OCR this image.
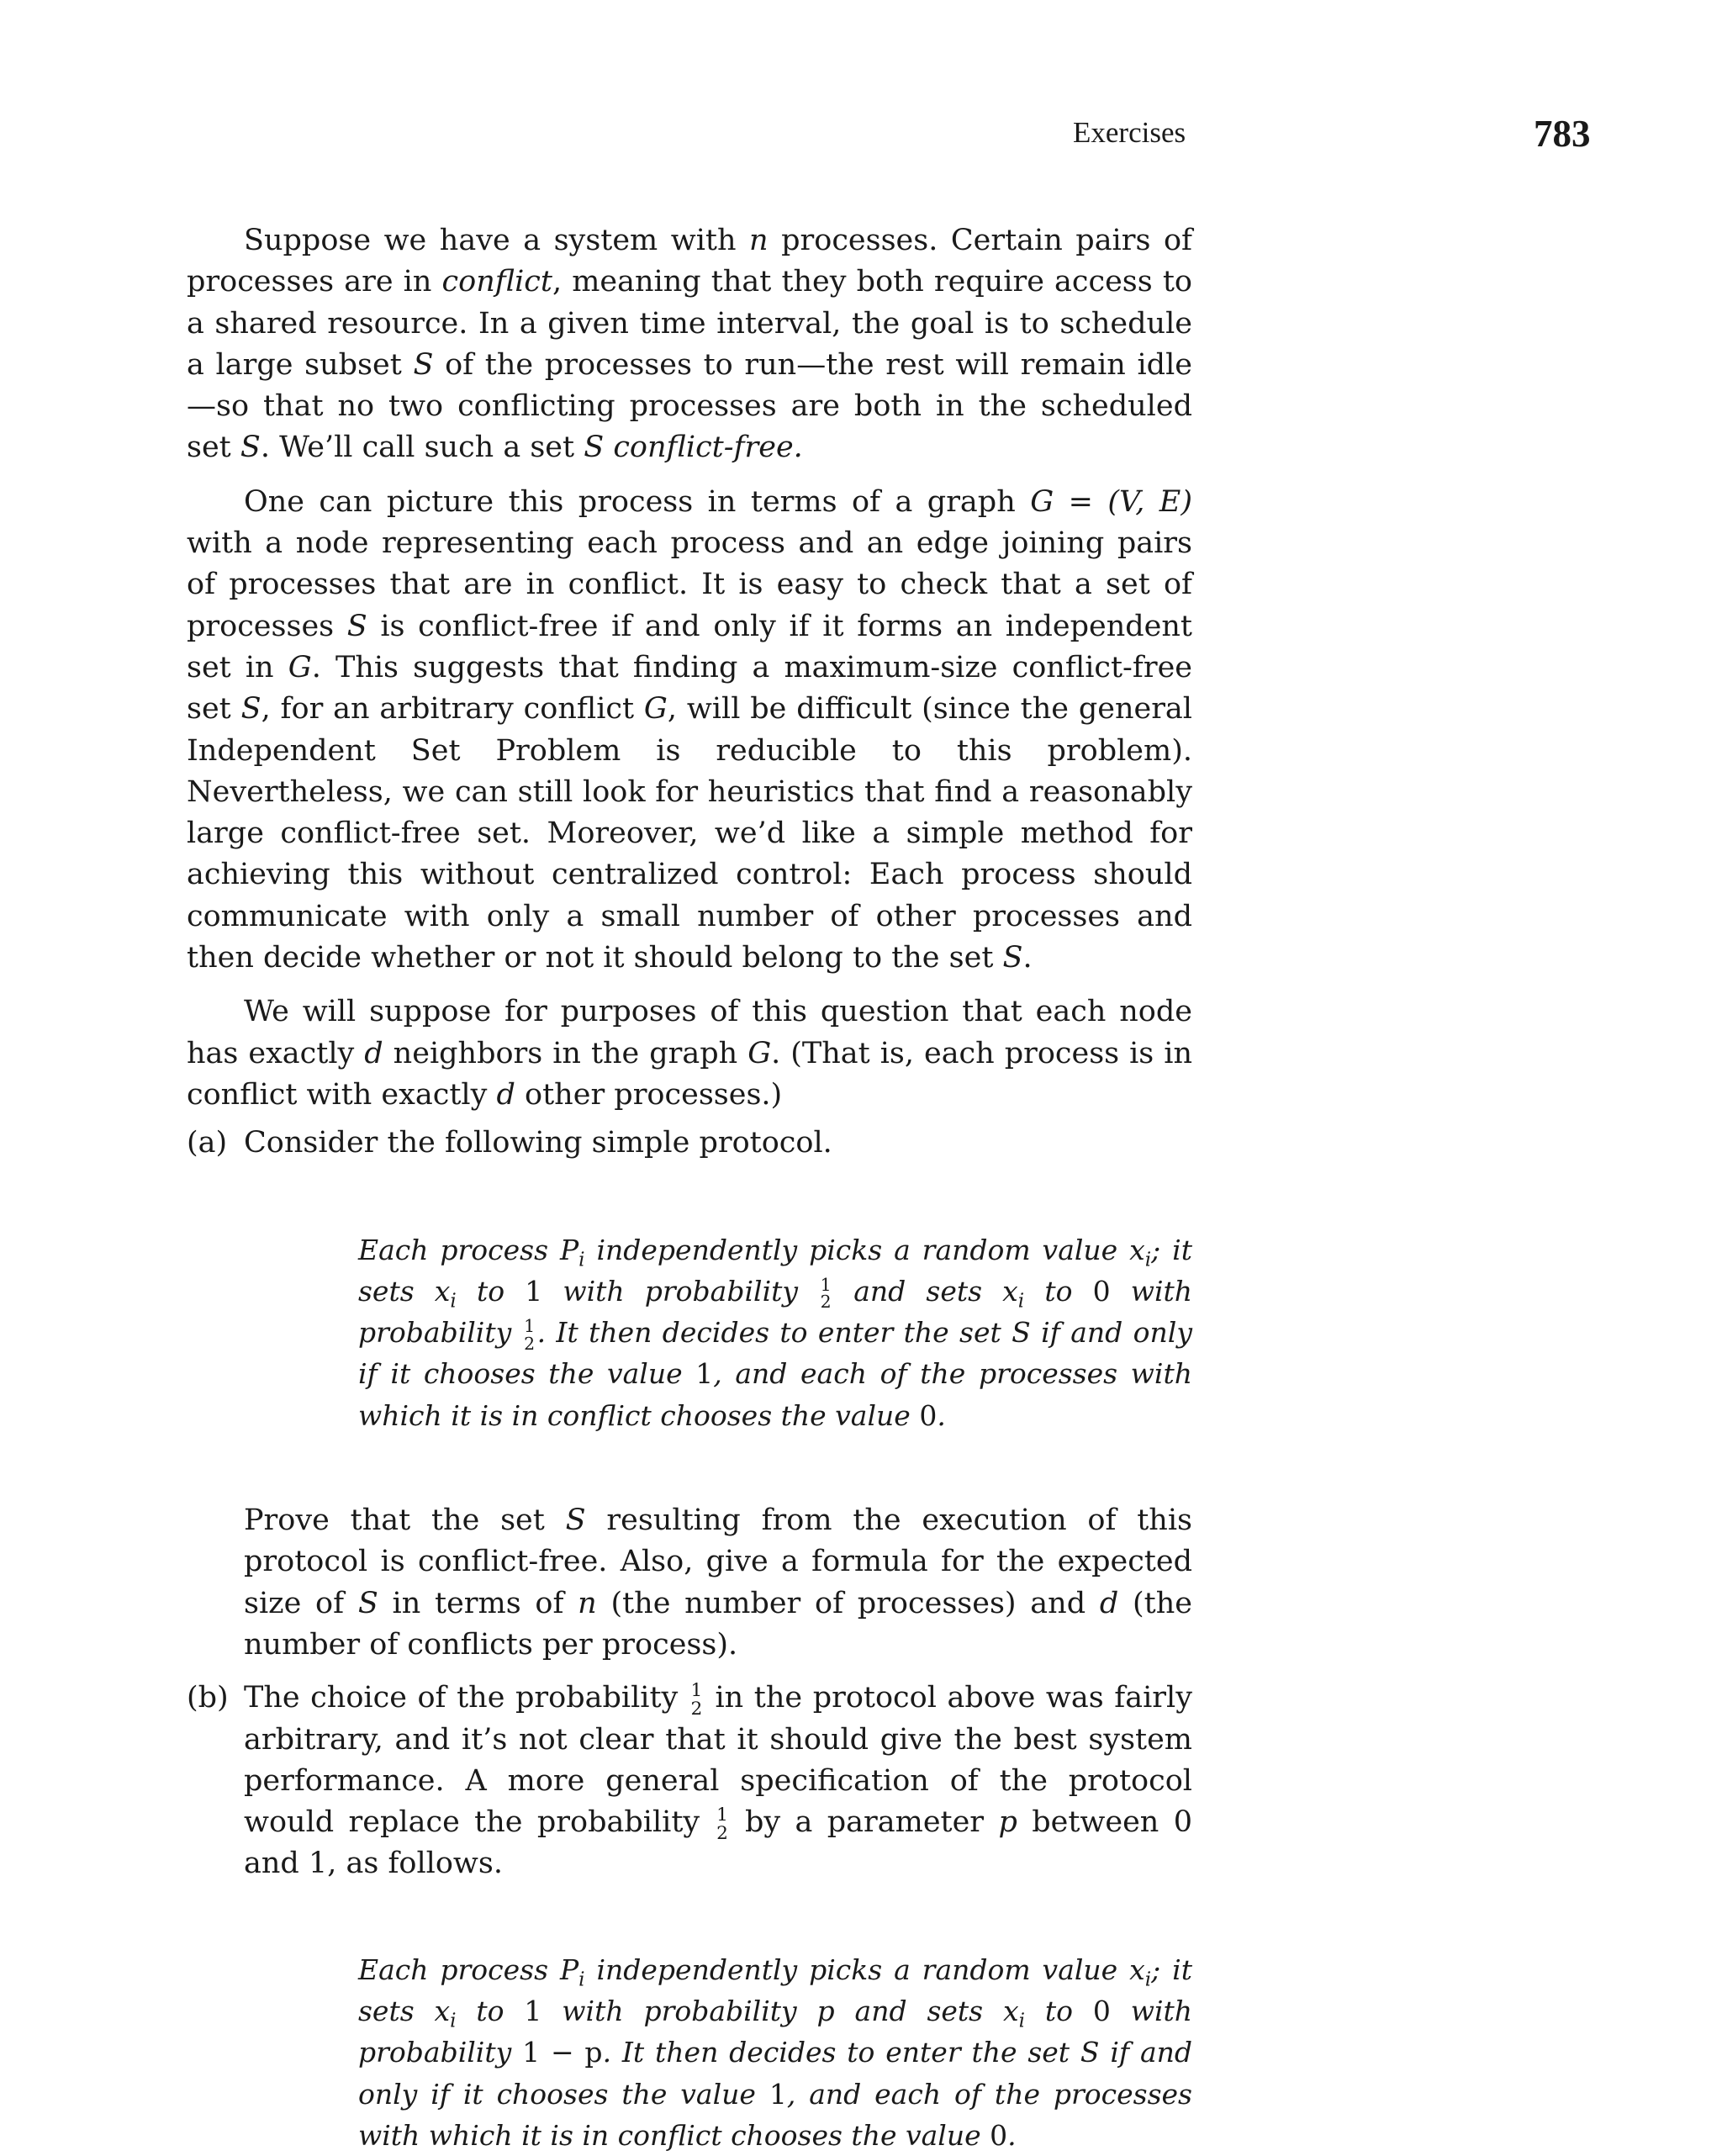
Exercises	783

Suppose we have a system with n processes. Certain pairs of processes are in conflict, meaning that they both require access to a shared resource. In a given time interval, the goal is to schedule a large subset S of the processes to run—the rest will remain idle—so that no two conflicting processes are both in the scheduled set S. We’ll call such a set S conflict-free.

One can picture this process in terms of a graph G = (V, E) with a node representing each process and an edge joining pairs of processes that are in conflict. It is easy to check that a set of processes S is conflict-free if and only if it forms an independent set in G. This suggests that finding a maximum-size conflict-free set S, for an arbitrary conflict G, will be difficult (since the general Independent Set Problem is reducible to this problem). Nevertheless, we can still look for heuristics that find a reasonably large conflict-free set. Moreover, we’d like a simple method for achieving this without centralized control: Each process should communicate with only a small number of other processes and then decide whether or not it should belong to the set S.

We will suppose for purposes of this question that each node has exactly d neighbors in the graph G. (That is, each process is in conflict with exactly d other processes.)

(a) Consider the following simple protocol.

Each process $P_i$ independently picks a random value $x_i$; it sets $x_i$ to 1 with probability 1
2 and sets $x_i$ to 0 with probability 1
2 . It then decides to enter the set S if and only if it chooses the value 1, and each of the processes with which it is in conflict chooses the value 0.

Prove that the set S resulting from the execution of this protocol is conflict-free. Also, give a formula for the expected size of S in terms of n (the number of processes) and d (the number of conflicts per process).

(b) The choice of the probability 1
2 in the protocol above was fairly arbitrary, and it’s not clear that it should give the best system performance. A more general specification of the protocol would replace the probability 1
2 by a parameter p between 0 and 1, as follows.

Each process $P_i$ independently picks a random value $x_i$; it sets $x_i$ to 1 with probability p and sets $x_i$ to 0 with probability 1 − p. It then decides to enter the set S if and only if it chooses the value 1, and each of the processes with which it is in conflict chooses the value 0.
